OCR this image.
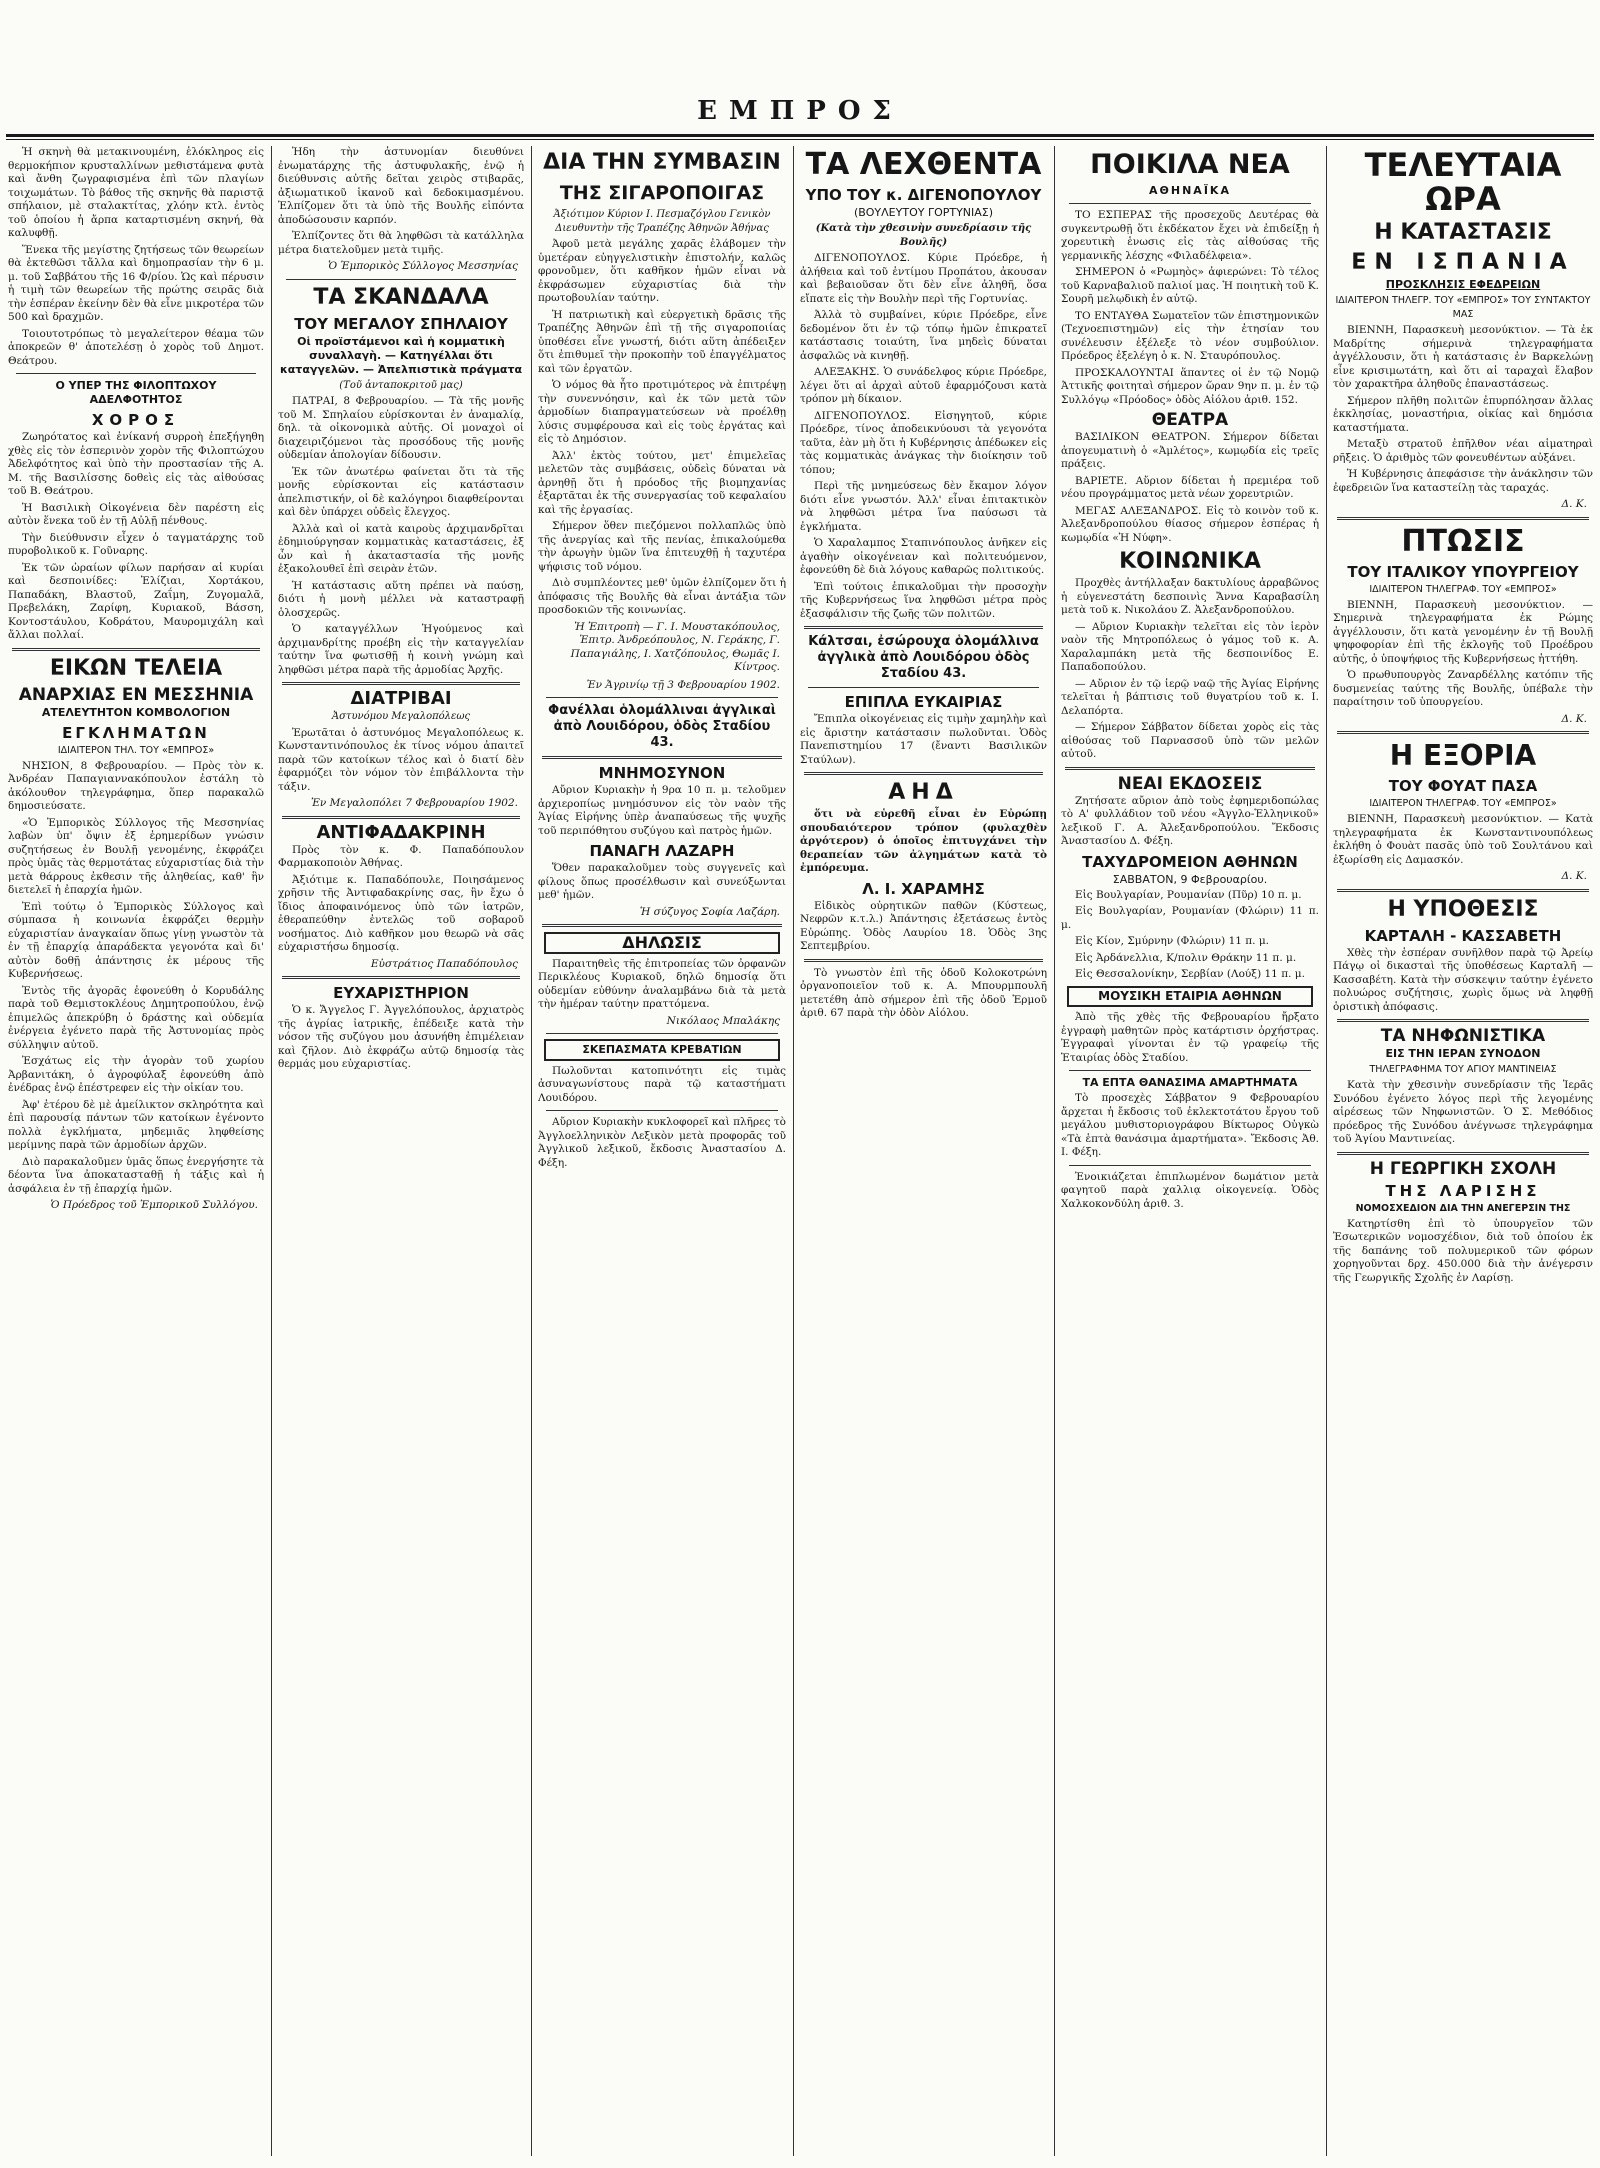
ΕΜΠΡΟΣ

Ἡ σκηνὴ θὰ μετακινουμένη, ἑλόκληρος εἰς θερμοκήπιον κρυσταλλίνων μεθιστάμενα φυτὰ καὶ ἄνθη ζωγραφισμένα ἐπὶ τῶν πλαγίων τοιχωμάτων. Τὸ βάθος τῆς σκηνῆς θὰ παριστᾷ σπήλαιον, μὲ σταλακτίτας, χλόην κτλ. ἐντὸς τοῦ ὁποίου ἡ ἄρπα καταρτισμένη σκηνή, θὰ καλυφθῇ.

Ἕνεκα τῆς μεγίστης ζητήσεως τῶν θεωρείων θὰ ἐκτεθῶσι τἄλλα καὶ δημοπρασίαν τὴν 6 μ. μ. τοῦ Σαββάτου τῆς 16 Φ/ρίου. Ὡς καὶ πέρυσιν ἡ τιμὴ τῶν θεωρείων τῆς πρώτης σειρᾶς διὰ τὴν ἑσπέραν ἐκείνην δὲν θὰ εἶνε μικροτέρα τῶν 500 καὶ δραχμῶν.

Τοιουτοτρόπως τὸ μεγαλείτερον θέαμα τῶν ἀποκρεῶν θ' ἀποτελέσῃ ὁ χορὸς τοῦ Δημοτ. Θεάτρου.

Ο ΥΠΕΡ ΤΗΣ ΦΙΛΟΠΤΩΧΟΥ ΑΔΕΛΦΟΤΗΤΟΣ
ΧΟΡΟΣ

Ζωηρότατος καὶ ἐνίκανή συρροὴ ἐπεξήγηθη χθὲς εἰς τὸν ἑσπερινὸν χορὸν τῆς Φιλοπτώχου Ἀδελφότητος καὶ ὑπὸ τὴν προστασίαν τῆς Α. Μ. τῆς Βασιλίσσης δοθεὶς εἰς τὰς αἰθούσας τοῦ Β. Θεάτρου.

Ἡ Βασιλικὴ Οἰκογένεια δὲν παρέστη εἰς αὐτὸν ἕνεκα τοῦ ἐν τῇ Αὐλῇ πένθους.

Τὴν διεύθυνσιν εἶχεν ὁ ταγματάρχης τοῦ πυροβολικοῦ κ. Γοῦναρης.

Ἐκ τῶν ὡραίων φίλων παρήσαν αἱ κυρίαι καὶ δεσποινίδες: Ἐλίζιαι, Χορτάκου, Παπαδάκη, Βλαστοῦ, Ζαΐμη, Ζυγομαλᾶ, Πρεβελάκη, Ζαρίφη, Κυριακοῦ, Βάσση, Κοντοστάυλου, Κοδράτου, Μαυρομιχάλη καὶ ἄλλαι πολλαί.

ΕΙΚΩΝ ΤΕΛΕΙΑ
ΑΝΑΡΧΙΑΣ ΕΝ ΜΕΣΣΗΝΙΑ
ΑΤΕΛΕΥΤΗΤΟΝ ΚΟΜΒΟΛΟΓΙΟΝ
ΕΓΚΛΗΜΑΤΩΝ
ΙΔΙΑΙΤΕΡΟΝ ΤΗΛ. ΤΟΥ «ΕΜΠΡΟΣ»

ΝΗΣΙΟΝ, 8 Φεβρουαρίου. — Πρὸς τὸν κ. Ἀνδρέαν Παπαγιαννακόπουλον ἐστάλη τὸ ἀκόλουθον τηλεγράφημα, ὅπερ παρακαλῶ δημοσιεύσατε.

«Ὁ Ἐμπορικὸς Σύλλογος τῆς Μεσσηνίας λαβὼν ὑπ' ὄψιν ἐξ ἐρημερίδων γνώσιν συζητήσεως ἐν Βουλῇ γενομένης, ἐκφράζει πρὸς ὑμᾶς τὰς θερμοτάτας εὐχαριστίας διὰ τὴν μετὰ θάρρους ἐκθεσιν τῆς ἀληθείας, καθ' ἣν διετελεῖ ἡ ἐπαρχία ἡμῶν.

Ἐπὶ τούτῳ ὁ Ἐμπορικὸς Σύλλογος καὶ σύμπασα ἡ κοινωνία ἐκφράζει θερμὴν εὐχαριστίαν ἀναγκαίαν ὅπως γίνῃ γνωστὸν τὰ ἐν τῇ ἐπαρχίᾳ ἀπαράδεκτα γεγονότα καὶ δι' αὐτὸν δοθῇ ἀπάντησις ἐκ μέρους τῆς Κυβερνήσεως.

Ἐντὸς τῆς ἀγορᾶς ἐφονεύθη ὁ Κορυδάλης παρὰ τοῦ Θεμιστοκλέους Δημητροπούλου, ἐνῷ ἐπιμελῶς ἀπεκρύβη ὁ δράστης καὶ οὐδεμία ἐνέργεια ἐγένετο παρὰ τῆς Ἀστυνομίας πρὸς σύλληψιν αὐτοῦ.

Ἐσχάτως εἰς τὴν ἀγορὰν τοῦ χωρίου Ἀρβανιτάκη, ὁ ἀγροφύλαξ ἐφονεύθη ἀπὸ ἐνέδρας ἐνῷ ἐπέστρεφεν εἰς τὴν οἰκίαν του.

Ἀφ' ἑτέρου δὲ μὲ ἀμείλικτον σκληρότητα καὶ ἐπὶ παρουσίᾳ πάντων τῶν κατοίκων ἐγένοντο πολλὰ ἐγκλήματα, μηδεμιᾶς ληφθείσης μερίμνης παρὰ τῶν ἀρμοδίων ἀρχῶν.

Διὸ παρακαλοῦμεν ὑμᾶς ὅπως ἐνεργήσητε τὰ δέοντα ἵνα ἀποκατασταθῇ ἡ τάξις καὶ ἡ ἀσφάλεια ἐν τῇ ἐπαρχίᾳ ἡμῶν.

Ὁ Πρόεδρος τοῦ Ἐμπορικοῦ Συλλόγου.

Ἠδη τὴν ἀστυνομίαν διευθύνει ἐνωματάρχης τῆς ἀστυφυλακῆς, ἐνῷ ἡ διεύθυνσις αὐτῆς δεῖται χειρὸς στιβαρᾶς, ἀξιωματικοῦ ἱκανοῦ καὶ δεδοκιμασμένου. Ἐλπίζομεν ὅτι τὰ ὑπὸ τῆς Βουλῆς εἰπόντα ἀποδώσουσιν καρπόν.

Ἐλπίζοντες ὅτι θὰ ληφθῶσι τὰ κατάλληλα μέτρα διατελοῦμεν μετὰ τιμῆς.

Ὁ Ἐμπορικὸς Σύλλογος Μεσσηνίας
ΤΑ ΣΚΑΝΔΑΛΑ
ΤΟΥ ΜΕΓΑΛΟΥ ΣΠΗΛΑΙΟΥ
Οἱ προϊστάμενοι καὶ ἡ κομματικὴ συναλλαγὴ. — Κατηγέλλαι ὅτι καταγγελῶν. — Ἀπελπιστικὰ πράγματα
(Τοῦ ἀνταποκριτοῦ μας)

ΠΑΤΡΑΙ, 8 Φεβρουαρίου. — Τὰ τῆς μονῆς τοῦ Μ. Σπηλαίου εὑρίσκονται ἐν ἀναμαλίᾳ, δηλ. τὰ οἰκονομικὰ αὐτῆς. Οἱ μοναχοὶ οἱ διαχειριζόμενοι τὰς προσόδους τῆς μονῆς οὐδεμίαν ἀπολογίαν δίδουσιν.

Ἐκ τῶν ἀνωτέρω φαίνεται ὅτι τὰ τῆς μονῆς εὑρίσκονται εἰς κατάστασιν ἀπελπιστικήν, οἱ δὲ καλόγηροι διαφθείρονται καὶ δὲν ὑπάρχει οὐδεὶς ἔλεγχος.

Ἀλλὰ καὶ οἱ κατὰ καιροὺς ἀρχιμανδρῖται ἐδημιούργησαν κομματικὰς καταστάσεις, ἐξ ὧν καὶ ἡ ἀκαταστασία τῆς μονῆς ἐξακολουθεῖ ἐπὶ σειρὰν ἐτῶν.

Ἡ κατάστασις αὕτη πρέπει νὰ παύσῃ, διότι ἡ μονὴ μέλλει νὰ καταστραφῇ ὁλοσχερῶς.

Ὁ καταγγέλλων Ἡγούμενος καὶ ἀρχιμανδρίτης προέβη εἰς τὴν καταγγελίαν ταύτην ἵνα φωτισθῇ ἡ κοινὴ γνώμη καὶ ληφθῶσι μέτρα παρὰ τῆς ἀρμοδίας Ἀρχῆς.

ΔΙΑΤΡΙΒΑΙ
Ἀστυνόμου Μεγαλοπόλεως

Ἐρωτᾶται ὁ ἀστυνόμος Μεγαλοπόλεως κ. Κωνσταντινόπουλος ἐκ τίνος νόμου ἀπαιτεῖ παρὰ τῶν κατοίκων τέλος καὶ ὁ διατί δὲν ἐφαρμόζει τὸν νόμον τὸν ἐπιβάλλοντα τὴν τάξιν.

Ἐν Μεγαλοπόλει 7 Φεβρουαρίου 1902.
ΑΝΤΙΦΑΔΑΚΡΙΝΗ

Πρὸς τὸν κ. Φ. Παπαδόπουλον Φαρμακοποιὸν Ἀθήνας.

Ἀξιότιμε κ. Παπαδόπουλε, Ποιησάμενος χρῆσιν τῆς Ἀντιφαδακρίνης σας, ἣν ἔχω ὁ ἴδιος ἀποφαινόμενος ὑπὸ τῶν ἱατρῶν, ἐθεραπεύθην ἐντελῶς τοῦ σοβαροῦ νοσήματος. Διὸ καθῆκον μου θεωρῶ νὰ σᾶς εὐχαριστήσω δημοσίᾳ.

Εὐστράτιος Παπαδόπουλος
ΕΥΧΑΡΙΣΤΗΡΙΟΝ

Ὁ κ. Ἄγγελος Γ. Ἀγγελόπουλος, ἀρχιατρὸς τῆς ἀγρίας ἰατρικῆς, ἐπέδειξε κατὰ τὴν νόσον τῆς συζύγου μου ἀσυνήθη ἐπιμέλειαν καὶ ζῆλον. Διὸ ἐκφράζω αὐτῷ δημοσίᾳ τὰς θερμάς μου εὐχαριστίας.

ΔΙΑ ΤΗΝ ΣΥΜΒΑΣΙΝ
ΤΗΣ ΣΙΓΑΡΟΠΟΙΓΑΣ
Ἀξιότιμον Κύριον Ι. Πεσμαζόγλου Γενικὸν Διευθυντὴν τῆς Τραπέζης Ἀθηνῶν Ἀθήνας

Ἀφοῦ μετὰ μεγάλης χαρᾶς ἐλάβομεν τὴν ὑμετέραν εὐηγγελιστικὴν ἐπιστολήν, καλῶς φρονοῦμεν, ὅτι καθῆκον ἡμῶν εἶναι νὰ ἐκφράσωμεν εὐχαριστίας διὰ τὴν πρωτοβουλίαν ταύτην.

Ἡ πατριωτικὴ καὶ εὐεργετικὴ δρᾶσις τῆς Τραπέζης Ἀθηνῶν ἐπὶ τῇ τῆς σιγαροποιίας ὑποθέσει εἶνε γνωστή, διότι αὕτη ἀπέδειξεν ὅτι ἐπιθυμεῖ τὴν προκοπὴν τοῦ ἐπαγγέλματος καὶ τῶν ἐργατῶν.

Ὁ νόμος θὰ ἦτο προτιμότερος νὰ ἐπιτρέψῃ τὴν συνεννόησιν, καὶ ἐκ τῶν μετὰ τῶν ἀρμοδίων διαπραγματεύσεων νὰ προέλθῃ λύσις συμφέρουσα καὶ εἰς τοὺς ἐργάτας καὶ εἰς τὸ Δημόσιον.

Ἀλλ' ἐκτὸς τούτου, μετ' ἐπιμελεῖας μελετῶν τὰς συμβάσεις, οὐδεὶς δύναται νὰ ἀρνηθῇ ὅτι ἡ πρόοδος τῆς βιομηχανίας ἐξαρτᾶται ἐκ τῆς συνεργασίας τοῦ κεφαλαίου καὶ τῆς ἐργασίας.

Σήμερον ὅθεν πιεζόμενοι πολλαπλῶς ὑπὸ τῆς ἀνεργίας καὶ τῆς πενίας, ἐπικαλούμεθα τὴν ἀρωγὴν ὑμῶν ἵνα ἐπιτευχθῇ ἡ ταχυτέρα ψήφισις τοῦ νόμου.

Διὸ συμπλέοντες μεθ' ὑμῶν ἐλπίζομεν ὅτι ἡ ἀπόφασις τῆς Βουλῆς θὰ εἶναι ἀντάξια τῶν προσδοκιῶν τῆς κοινωνίας.

Ἡ Ἐπιτροπὴ — Γ. Ι. Μουστακόπουλος, Ἐπιτρ. Ἀνδρεόπουλος, Ν. Γεράκης, Γ. Παπαγιάλης, Ι. Χατζόπουλος, Θωμᾶς Ι. Κίντρος.
Ἐν Ἀγρινίῳ τῇ 3 Φεβρουαρίου 1902.
Φανέλλαι ὁλομάλλιναι ἀγγλικαὶ ἀπὸ Λουιδόρου, ὁδὸς Σταδίου 43.
ΜΝΗΜΟΣΥΝΟΝ

Αὔριον Κυριακὴν ἡ 9ρα 10 π. μ. τελοῦμεν ἀρχιεροπίως μνημόσυνον εἰς τὸν ναὸν τῆς Ἁγίας Εἰρήνης ὑπὲρ ἀναπαύσεως τῆς ψυχῆς τοῦ περιπόθητου συζύγου καὶ πατρὸς ἡμῶν.

ΠΑΝΑΓΗ ΛΑΖΑΡΗ

Ὅθεν παρακαλοῦμεν τοὺς συγγενεῖς καὶ φίλους ὅπως προσέλθωσιν καὶ συνεύξωνται μεθ' ἡμῶν.

Ἡ σύζυγος Σοφία Λαζάρη.
ΔΗΛΩΣΙΣ

Παραιτηθεὶς τῆς ἐπιτροπείας τῶν ὀρφανῶν Περικλέους Κυριακοῦ, δηλῶ δημοσίᾳ ὅτι οὐδεμίαν εὐθύνην ἀναλαμβάνω διὰ τὰ μετὰ τὴν ἡμέραν ταύτην πραττόμενα.

Νικόλαος Μπαλάκης
ΣΚΕΠΑΣΜΑΤΑ ΚΡΕΒΑΤΙΩΝ

Πωλοῦνται κατοπινότητι εἰς τιμὰς ἀσυναγωνίστους παρὰ τῷ καταστήματι Λουιδόρου.

Αὔριον Κυριακὴν κυκλοφορεῖ καὶ πλῆρες τὸ Ἀγγλοελληνικὸν Λεξικὸν μετὰ προφορᾶς τοῦ Ἀγγλικοῦ λεξικοῦ, ἔκδοσις Ἀναστασίου Δ. Φέξη.

ΤΑ ΛΕΧΘΕΝΤΑ
ΥΠΟ ΤΟΥ κ. ΔΙΓΕΝΟΠΟΥΛΟΥ
(ΒΟΥΛΕΥΤΟΥ ΓΟΡΤΥΝΙΑΣ)
(Κατὰ τὴν χθεσινὴν συνεδρίασιν τῆς Βουλῆς)

ΔΙΓΕΝΟΠΟΥΛΟΣ. Κύριε Πρόεδρε, ἡ ἀλήθεια καὶ τοῦ ἐντίμου Προπάτου, ἀκουσαν καὶ βεβαιοῦσαν ὅτι δὲν εἶνε ἀληθῆ, ὅσα εἴπατε εἰς τὴν Βουλὴν περὶ τῆς Γορτυνίας.

Ἀλλὰ τὸ συμβαίνει, κύριε Πρόεδρε, εἶνε δεδομένον ὅτι ἐν τῷ τόπῳ ἡμῶν ἐπικρατεῖ κατάστασις τοιαύτη, ἵνα μηδεὶς δύναται ἀσφαλῶς νὰ κινηθῇ.

ΑΛΕΞΑΚΗΣ. Ὁ συνάδελφος κύριε Πρόεδρε, λέγει ὅτι αἱ ἀρχαὶ αὐτοῦ ἐφαρμόζουσι κατὰ τρόπον μὴ δίκαιον.

ΔΙΓΕΝΟΠΟΥΛΟΣ. Εἰσηγητοῦ, κύριε Πρόεδρε, τίνος ἀποδεικνύουσι τὰ γεγονότα ταῦτα, ἐὰν μὴ ὅτι ἡ Κυβέρνησις ἀπέδωκεν εἰς τὰς κομματικὰς ἀνάγκας τὴν διοίκησιν τοῦ τόπου;

Περὶ τῆς μνημεύσεως δὲν ἔκαμον λόγον διότι εἶνε γνωστόν. Ἀλλ' εἶναι ἐπιτακτικὸν νὰ ληφθῶσι μέτρα ἵνα παύσωσι τὰ ἐγκλήματα.

Ὁ Χαραλαμπος Σταπινόπουλος ἀνῆκεν εἰς ἀγαθὴν οἰκογένειαν καὶ πολιτευόμενον, ἐφονεύθη δὲ διὰ λόγους καθαρῶς πολιτικούς.

Ἐπὶ τούτοις ἐπικαλοῦμαι τὴν προσοχὴν τῆς Κυβερνήσεως ἵνα ληφθῶσι μέτρα πρὸς ἐξασφάλισιν τῆς ζωῆς τῶν πολιτῶν.

Κάλτσαι, ἐσώρουχα ὁλομάλλινα ἀγγλικὰ ἀπὸ Λουιδόρου ὁδὸς Σταδίου 43.
ΕΠΙΠΛΑ ΕΥΚΑΙΡΙΑΣ

Ἔπιπλα οἰκογένειας εἰς τιμὴν χαμηλὴν καὶ εἰς ἄριστην κατάστασιν πωλοῦνται. Ὁδὸς Πανεπιστημίου 17 (ἔναντι Βασιλικῶν Σταύλων).

ΑΗΔ

ὅτι νὰ εὑρεθῆ εἶναι ἐν Εὐρώπῃ σπουδαιότερον τρόπον (φυλαχθὲν ἀργότερον) ὁ ὁποῖος ἐπιτυγχάνει τὴν θεραπείαν τῶν ἀλγημάτων κατὰ τὸ ἐμπόρευμα.

Λ. Ι. ΧΑΡΑΜΗΣ

Εἰδικὸς οὐρητικῶν παθῶν (Κύστεως, Νεφρῶν κ.τ.λ.) Ἀπάντησις ἐξετάσεως ἐντὸς Εὐρώπης. Ὁδὸς Λαυρίου 18. Ὁδὸς 3ης Σεπτεμβρίου.

Τὸ γνωστὸν ἐπὶ τῆς ὁδοῦ Κολοκοτρώνη ὀργανοποιεῖον τοῦ κ. Α. Μπουρμπουλῆ μετετέθη ἀπὸ σήμερον ἐπὶ τῆς ὁδοῦ Ἑρμοῦ ἀριθ. 67 παρὰ τὴν ὁδὸν Αἰόλου.

ΠΟΙΚΙΛΑ ΝΕΑ
ΑΘΗΝΑΪΚΑ

ΤΟ ΕΣΠΕΡΑΣ τῆς προσεχοῦς Δευτέρας θὰ συγκεντρωθῇ ὅτι ἐκδέκατον ἔχει νὰ ἐπιδείξῃ ἡ χορευτικὴ ἑνωσις εἰς τὰς αἰθούσας τῆς γερμανικῆς λέσχης «Φιλαδέλφεια».

ΣΗΜΕΡΟΝ ὁ «Ρωμηὸς» ἀφιερώνει: Τὸ τέλος τοῦ Καρναβαλιοῦ παλιοί μας. Ἡ ποιητικὴ τοῦ Κ. Σουρῆ μελῳδικὴ ἐν αὐτῷ.

ΤΟ ΕΝΤΑΥΘΑ Σωματεῖον τῶν ἐπιστημονικῶν (Τεχνοεπιστημῶν) εἰς τὴν ἐτησίαν του συνέλευσιν ἐξέλεξε τὸ νέον συμβούλιον. Πρόεδρος ἐξελέγη ὁ κ. Ν. Σταυρόπουλος.

ΠΡΟΣΚΑΛΟΥΝΤΑΙ ἅπαντες οἱ ἐν τῷ Νομῷ Ἀττικῆς φοιτηταὶ σήμερον ὥραν 9ην π. μ. ἐν τῷ Συλλόγῳ «Πρόοδος» ὁδὸς Αἰόλου ἀριθ. 152.

ΘΕΑΤΡΑ

ΒΑΣΙΛΙΚΟΝ ΘΕΑΤΡΟΝ. Σήμερον δίδεται ἀπογευματινὴ ὁ «Ἀμλέτος», κωμῳδία εἰς τρεῖς πράξεις.

ΒΑΡΙΕΤΕ. Αὔριον δίδεται ἡ πρεμιέρα τοῦ νέου προγράμματος μετὰ νέων χορευτριῶν.

ΜΕΓΑΣ ΑΛΕΞΑΝΔΡΟΣ. Εἰς τὸ κοινὸν τοῦ κ. Ἀλεξανδροπούλου θίασος σήμερον ἑσπέρας ἡ κωμῳδία «Ἡ Νύφη».

ΚΟΙΝΩΝΙΚΑ

Προχθὲς ἀντήλλαξαν δακτυλίους ἀρραβῶνος ἡ εὐγενεστάτη δεσποινὶς Ἄννα Καραβασίλη μετὰ τοῦ κ. Νικολάου Ζ. Ἀλεξανδροπούλου.

— Αὔριον Κυριακὴν τελεῖται εἰς τὸν ἱερὸν ναὸν τῆς Μητροπόλεως ὁ γάμος τοῦ κ. Α. Χαραλαμπάκη μετὰ τῆς δεσποινίδος Ε. Παπαδοπούλου.

— Αὔριον ἐν τῷ ἱερῷ ναῷ τῆς Ἀγίας Εἰρήνης τελεῖται ἡ βάπτισις τοῦ θυγατρίου τοῦ κ. Ι. Δελαπόρτα.

— Σήμερον Σάββατον δίδεται χορὸς εἰς τὰς αἰθούσας τοῦ Παρνασσοῦ ὑπὸ τῶν μελῶν αὐτοῦ.

ΝΕΑΙ ΕΚΔΟΣΕΙΣ

Ζητήσατε αὔριον ἀπὸ τοὺς ἐφημεριδοπώλας τὸ Α' φυλλάδιον τοῦ νέου «Ἀγγλο-Ἑλληνικοῦ» λεξικοῦ Γ. Α. Ἀλεξανδροπούλου. Ἔκδοσις Ἀναστασίου Δ. Φέξη.

ΤΑΧΥΔΡΟΜΕΙΟΝ ΑΘΗΝΩΝ
ΣΑΒΒΑΤΟΝ, 9 Φεβρουαρίου.

Εἰς Βουλγαρίαν, Ρουμανίαν (Πῦρ) 10 π. μ.

Εἰς Βουλγαρίαν, Ρουμανίαν (Φλώριν) 11 π. μ.

Εἰς Κίον, Σμύρνην (Φλώριν) 11 π. μ.

Εἰς Ἀρδάνελλια, Κ/πολιν Θράκην 11 π. μ.

Εἰς Θεσσαλονίκην, Σερβίαν (Λούξ) 11 π. μ.

ΜΟΥΣΙΚΗ ΕΤΑΙΡΙΑ ΑΘΗΝΩΝ

Ἀπὸ τῆς χθὲς τῆς Φεβρουαρίου ἤρξατο ἐγγραφὴ μαθητῶν πρὸς κατάρτισιν ὀρχήστρας. Ἐγγραφαὶ γίνονται ἐν τῷ γραφείῳ τῆς Ἑταιρίας ὁδὸς Σταδίου.

ΤΑ ΕΠΤΑ ΘΑΝΑΣΙΜΑ ΑΜΑΡΤΗΜΑΤΑ

Τὸ προσεχὲς Σάββατον 9 Φεβρουαρίου ἄρχεται ἡ ἔκδοσις τοῦ ἐκλεκτοτάτου ἔργου τοῦ μεγάλου μυθιστοριογράφου Βίκτωρος Οὐγκὼ «Τὰ ἑπτὰ θανάσιμα ἁμαρτήματα». Ἔκδοσις Ἀθ. Ι. Φέξη.

Ἐνοικιάζεται ἐπιπλωμένον δωμάτιον μετὰ φαγητοῦ παρὰ χαλλιᾳ οἰκογενείᾳ. Ὁδὸς Χαλκοκονδύλη ἀριθ. 3.

ΤΕΛΕΥΤΑΙΑ ΩΡΑ
Η ΚΑΤΑΣΤΑΣΙΣ
ΕΝ ΙΣΠΑΝΙΑ
ΠΡΟΣΚΛΗΣΙΣ ΕΦΕΔΡΕΙΩΝ
ΙΔΙΑΙΤΕΡΟΝ ΤΗΛΕΓΡ. ΤΟΥ «ΕΜΠΡΟΣ» ΤΟΥ ΣΥΝΤΑΚΤΟΥ ΜΑΣ

ΒΙΕΝΝΗ, Παρασκευὴ μεσονύκτιον. — Τὰ ἐκ Μαδρίτης σήμερινὰ τηλεγραφήματα ἀγγέλλουσιν, ὅτι ἡ κατάστασις ἐν Βαρκελώνῃ εἶνε κρισιμωτάτη, καὶ ὅτι αἱ ταραχαὶ ἔλαβον τὸν χαρακτῆρα ἀληθοῦς ἐπαναστάσεως.

Σήμερον πλῆθη πολιτῶν ἐπυρπόλησαν ἄλλας ἐκκλησίας, μοναστήρια, οἰκίας καὶ δημόσια καταστήματα.

Μεταξὺ στρατοῦ ἐπῆλθον νέαι αἱματηραὶ ρῆξεις. Ὁ ἀριθμὸς τῶν φονευθέντων αὐξάνει.

Ἡ Κυβέρνησις ἀπεφάσισε τὴν ἀνάκλησιν τῶν ἐφεδρειῶν ἵνα καταστείλῃ τὰς ταραχάς.

Δ. Κ.
ΠΤΩΣΙΣ
ΤΟΥ ΙΤΑΛΙΚΟΥ ΥΠΟΥΡΓΕΙΟΥ
ΙΔΙΑΙΤΕΡΟΝ ΤΗΛΕΓΡΑΦ. ΤΟΥ «ΕΜΠΡΟΣ»

ΒΙΕΝΝΗ, Παρασκευὴ μεσονύκτιον. — Σημερινὰ τηλεγραφήματα ἐκ Ρώμης ἀγγέλλουσιν, ὅτι κατὰ γενομένην ἐν τῇ Βουλῇ ψηφοφορίαν ἐπὶ τῆς ἐκλογῆς τοῦ Προέδρου αὐτῆς, ὁ ὑποψήφιος τῆς Κυβερνήσεως ἡττήθη.

Ὁ πρωθυπουργὸς Ζαναρδέλλης κατόπιν τῆς δυσμενείας ταύτης τῆς Βουλῆς, ὑπέβαλε τὴν παραίτησιν τοῦ ὑπουργείου.

Δ. Κ.
Η ΕΞΟΡΙΑ
ΤΟΥ ΦΟΥΑΤ ΠΑΣΑ
ΙΔΙΑΙΤΕΡΟΝ ΤΗΛΕΓΡΑΦ. ΤΟΥ «ΕΜΠΡΟΣ»

ΒΙΕΝΝΗ, Παρασκευὴ μεσονύκτιον. — Κατὰ τηλεγραφήματα ἐκ Κωνσταντινουπόλεως ἐκλήθη ὁ Φουὰτ πασᾶς ὑπὸ τοῦ Σουλτάνου καὶ ἐξωρίσθη εἰς Δαμασκόν.

Δ. Κ.
Η ΥΠΟΘΕΣΙΣ
ΚΑΡΤΑΛΗ - ΚΑΣΣΑΒΕΤΗ

Χθὲς τὴν ἑσπέραν συνῆλθον παρὰ τῷ Ἀρείῳ Πάγῳ οἱ δικασταὶ τῆς ὑποθέσεως Καρταλῆ — Κασσαβέτη. Κατὰ τὴν σύσκεψιν ταύτην ἐγένετο πολυώρος συζήτησις, χωρὶς ὅμως νὰ ληφθῇ ὁριστικὴ ἀπόφασις.

ΤΑ ΝΗΦΩΝΙΣΤΙΚΑ
ΕΙΣ ΤΗΝ ΙΕΡΑΝ ΣΥΝΟΔΟΝ
ΤΗΛΕΓΡΑΦΗΜΑ ΤΟΥ ΑΓΙΟΥ ΜΑΝΤΙΝΕΙΑΣ

Κατὰ τὴν χθεσινὴν συνεδρίασιν τῆς Ἱερᾶς Συνόδου ἐγένετο λόγος περὶ τῆς λεγομένης αἱρέσεως τῶν Νηφωνιστῶν. Ὁ Σ. Μεθόδιος πρόεδρος τῆς Συνόδου ἀνέγνωσε τηλεγράφημα τοῦ Ἁγίου Μαντινείας.

Η ΓΕΩΡΓΙΚΗ ΣΧΟΛΗ
ΤΗΣ ΛΑΡΙΣΗΣ
ΝΟΜΟΣΧΕΔΙΟΝ ΔΙΑ ΤΗΝ ΑΝΕΓΕΡΣΙΝ ΤΗΣ

Κατηρτίσθη ἐπὶ τὸ ὑπουργεῖον τῶν Ἐσωτερικῶν νομοσχέδιον, διὰ τοῦ ὁποίου ἐκ τῆς δαπάνης τοῦ πολυμερικοῦ τῶν φόρων χορηγοῦνται δρχ. 450.000 διὰ τὴν ἀνέγερσιν τῆς Γεωργικῆς Σχολῆς ἐν Λαρίσῃ.
